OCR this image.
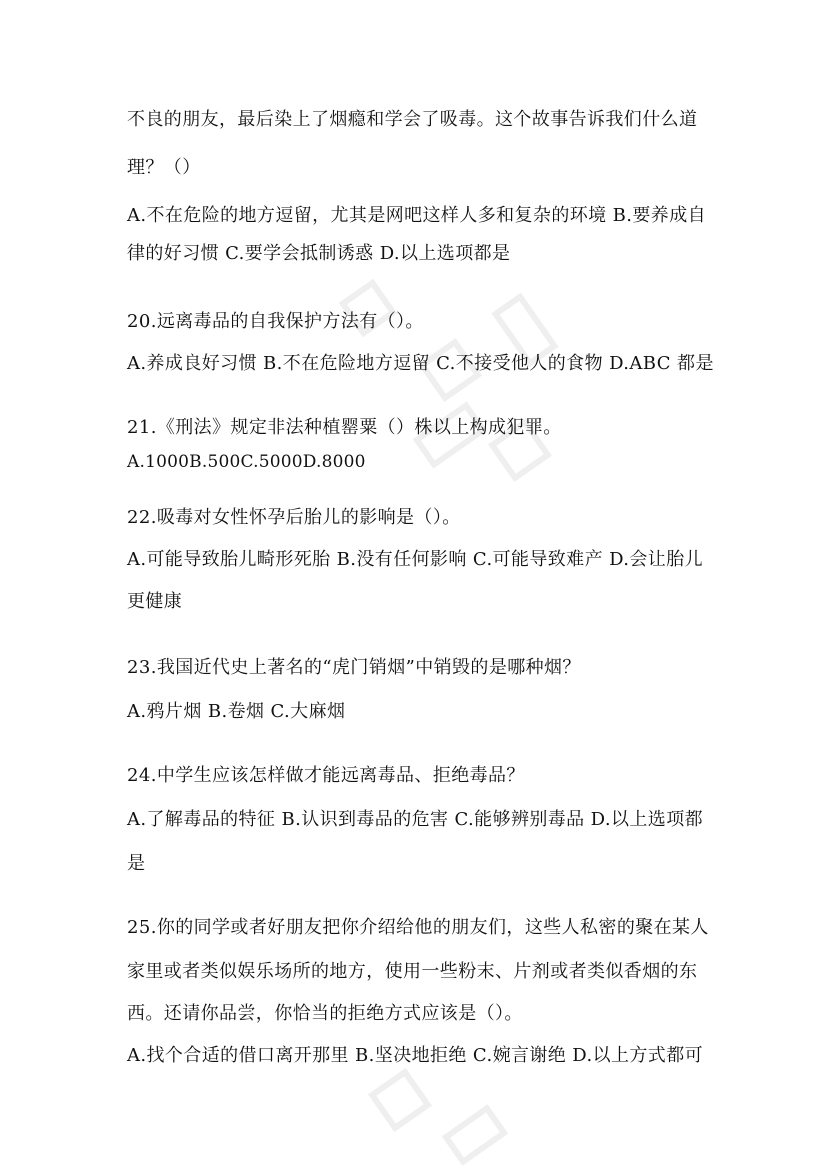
不良的朋友，最后染上了烟瘾和学会了吸毒。这个故事告诉我们什么道
理？（）
A.不在危险的地方逗留，尤其是网吧这样人多和复杂的环境 B.要养成自
律的好习惯 C.要学会抵制诱惑 D.以上选项都是
20.远离毒品的自我保护方法有（）。
A.养成良好习惯 B.不在危险地方逗留 C.不接受他人的食物 D.ABC 都是
21.《刑法》规定非法种植罂粟（）株以上构成犯罪。
A.1000B.500C.5000D.8000
22.吸毒对女性怀孕后胎儿的影响是（）。
A.可能导致胎儿畸形死胎 B.没有任何影响 C.可能导致难产 D.会让胎儿
更健康
23.我国近代史上著名的“虎门销烟”中销毁的是哪种烟？
A.鸦片烟 B.卷烟 C.大麻烟
24.中学生应该怎样做才能远离毒品、拒绝毒品？
A.了解毒品的特征 B.认识到毒品的危害 C.能够辨别毒品 D.以上选项都
是
25.你的同学或者好朋友把你介绍给他的朋友们，这些人私密的聚在某人
家里或者类似娱乐场所的地方，使用一些粉末、片剂或者类似香烟的东
西。还请你品尝，你恰当的拒绝方式应该是（）。
A.找个合适的借口离开那里 B.坚决地拒绝 C.婉言谢绝 D.以上方式都可
